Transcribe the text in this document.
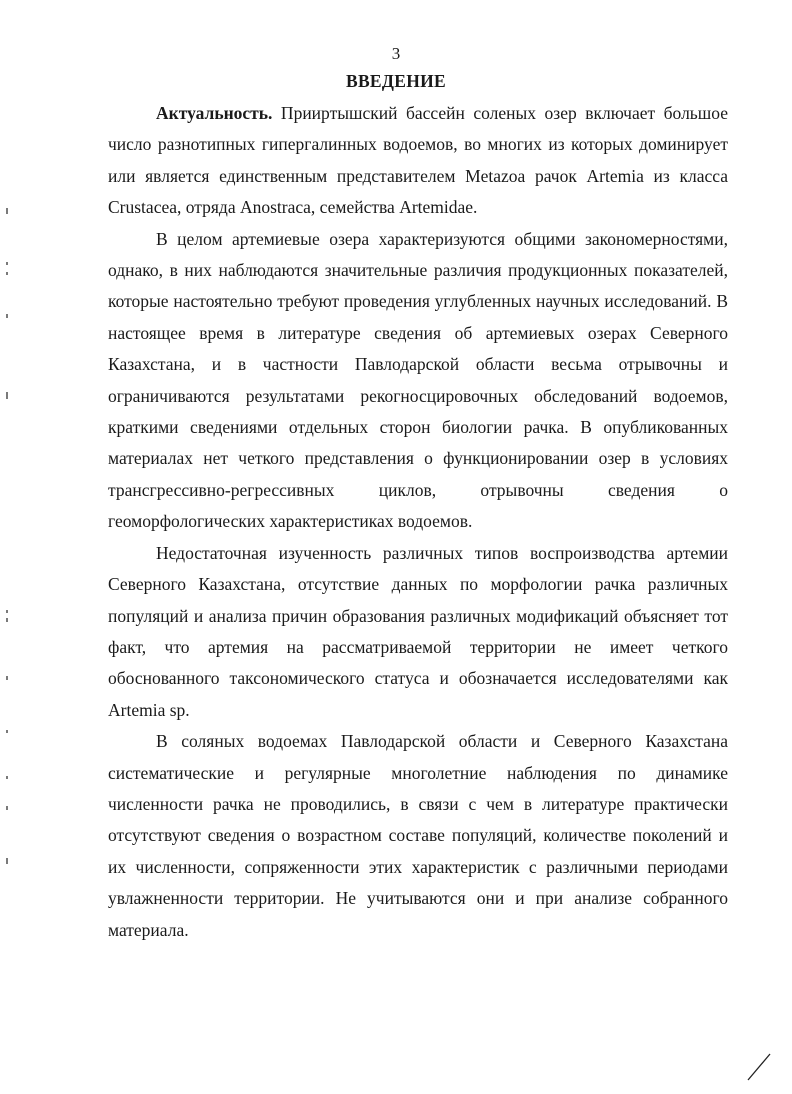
3
ВВЕДЕНИЕ

Актуальность. Прииртышский бассейн соленых озер включает большое число разнотипных гипергалинных водоемов, во многих из которых доминирует или является единственным представителем Metazoa рачок Artemia из класса Crustacea, отряда Anostraca, семейства Artemidae.

В целом артемиевые озера характеризуются общими закономерностями, однако, в них наблюдаются значительные различия продукционных показателей, которые настоятельно требуют проведения углубленных научных исследований. В настоящее время в литературе сведения об артемиевых озерах Северного Казахстана, и в частности Павлодарской области весьма отрывочны и ограничиваются результатами рекогносцировочных обследований водоемов, краткими сведениями отдельных сторон биологии рачка. В опубликованных материалах нет четкого представления о функционировании озер в условиях трансгрессивно-регрессивных циклов, отрывочны сведения о геоморфологических характеристиках водоемов.

Недостаточная изученность различных типов воспроизводства артемии Северного Казахстана, отсутствие данных по морфологии рачка различных популяций и анализа причин образования различных модификаций объясняет тот факт, что артемия на рассматриваемой территории не имеет четкого обоснованного таксономического статуса и обозначается исследователями как Artemia sp.

В соляных водоемах Павлодарской области и Северного Казахстана систематические и регулярные многолетние наблюдения по динамике численности рачка не проводились, в связи с чем в литературе практически отсутствуют сведения о возрастном составе популяций, количестве поколений и их численности, сопряженности этих характеристик с различными периодами увлажненности территории. Не учитываются они и при анализе собранного материала.
